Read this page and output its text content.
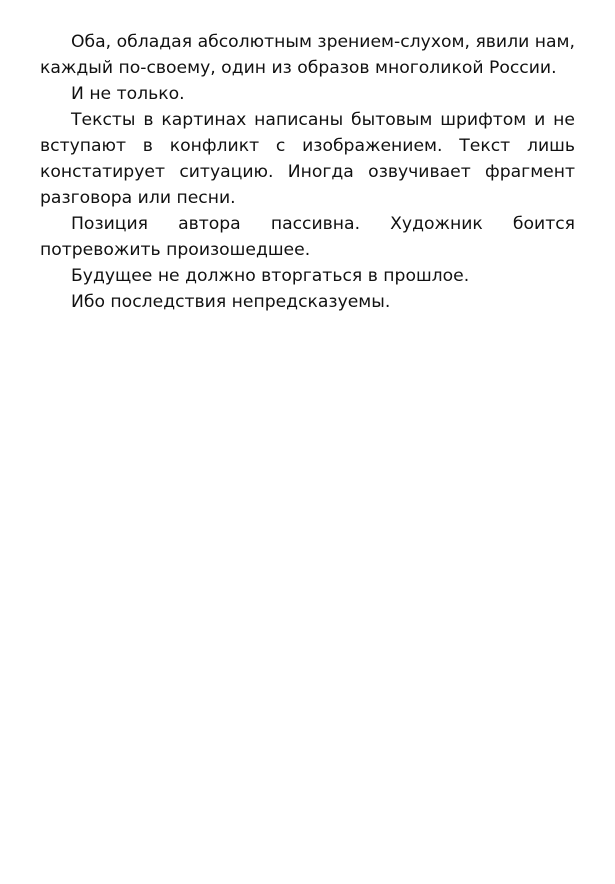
Оба, обладая абсолютным зрением-слухом, явили нам, каждый по-своему, один из образов многоликой России.

И не только.

Тексты в картинах написаны бытовым шрифтом и не вступают в конфликт с изображением. Текст лишь констатирует ситуацию. Иногда озвучивает фрагмент разговора или песни.

Позиция автора пассивна. Художник боится потревожить произошедшее.

Будущее не должно вторгаться в прошлое.

Ибо последствия непредсказуемы.
